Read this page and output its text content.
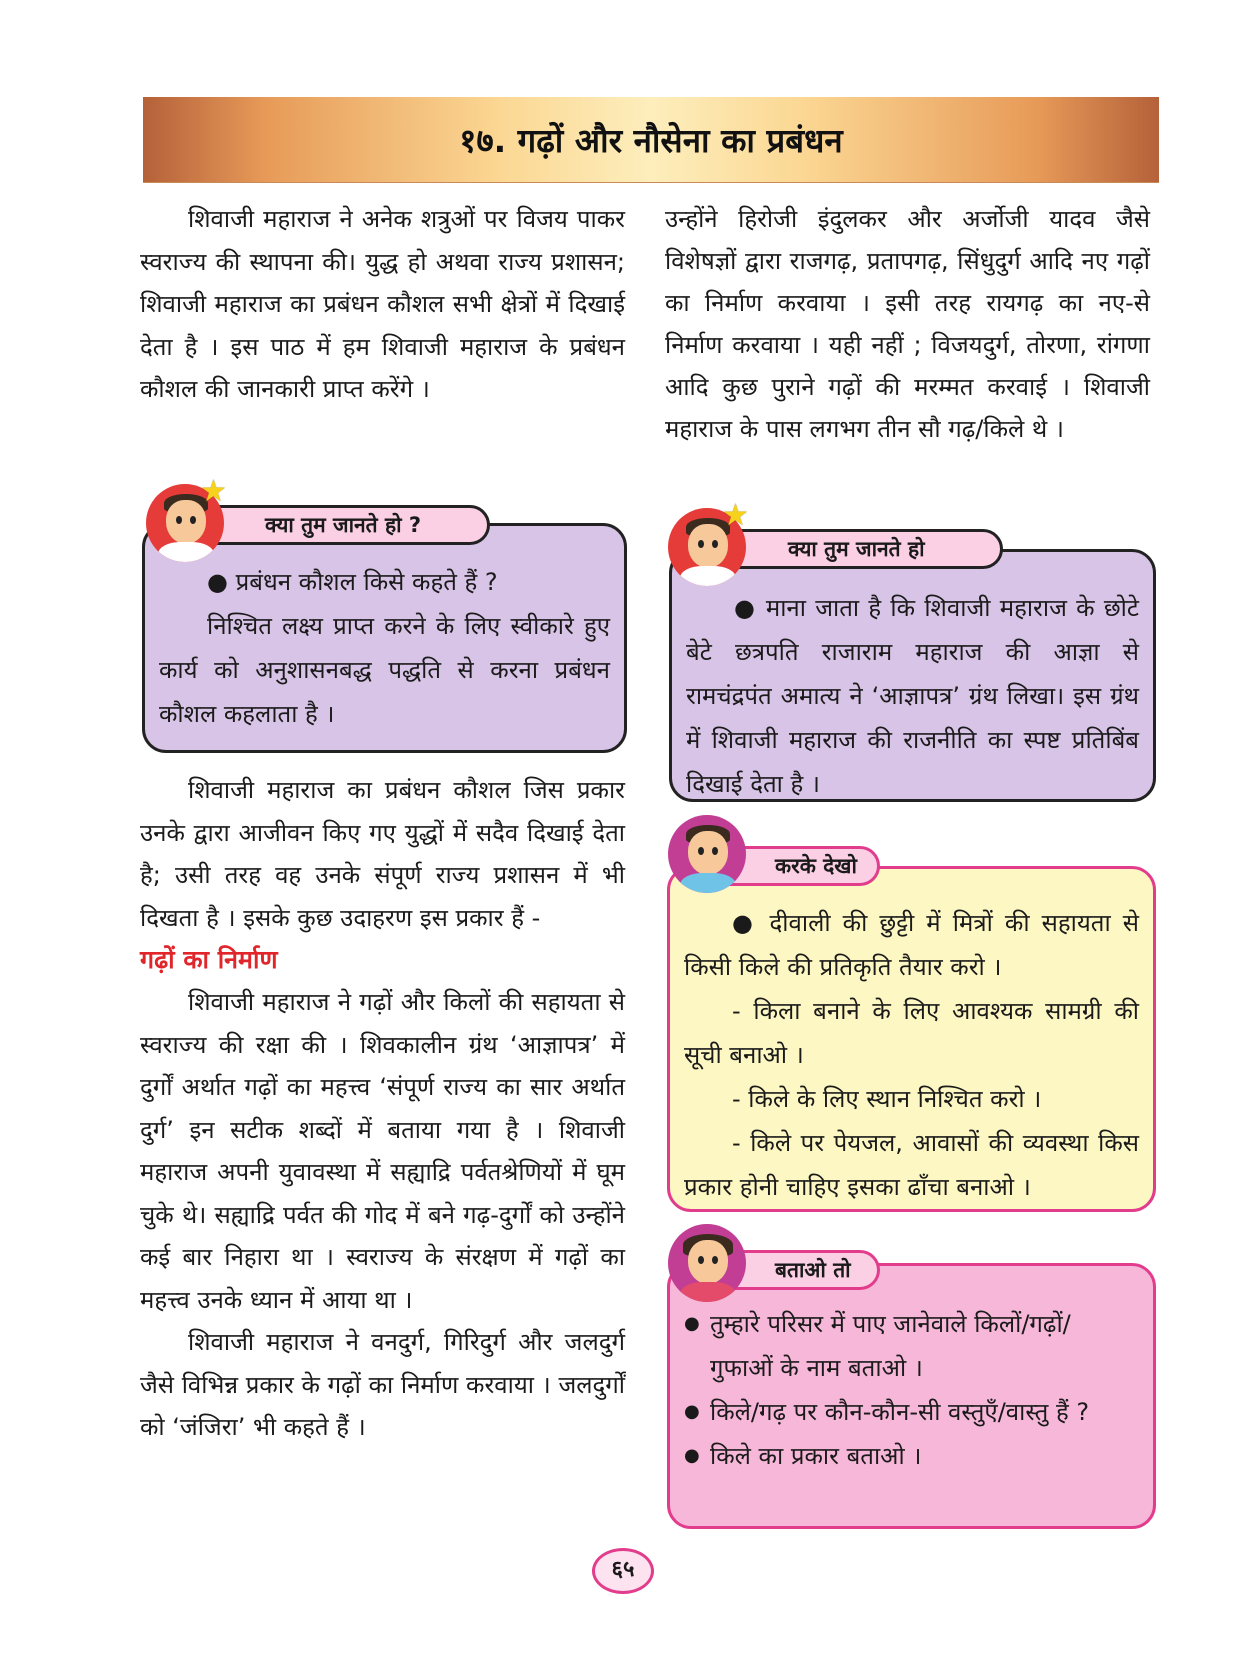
१७. गढ़ों और नौसेना का प्रबंधन

शिवाजी महाराज ने अनेक शत्रुओं पर विजय पाकर स्वराज्य की स्थापना की। युद्ध हो अथवा राज्य प्रशासन; शिवाजी महाराज का प्रबंधन कौशल सभी क्षेत्रों में दिखाई देता है । इस पाठ में हम शिवाजी महाराज के प्रबंधन कौशल की जानकारी प्राप्त करेंगे ।

● प्रबंधन कौशल किसे कहते हैं ?

निश्चित लक्ष्य प्राप्त करने के लिए स्वीकारे हुए कार्य को अनुशासनबद्ध पद्धति से करना प्रबंधन कौशल कहलाता है ।

क्या तुम जानते हो ?
★

शिवाजी महाराज का प्रबंधन कौशल जिस प्रकार उनके द्वारा आजीवन किए गए युद्धों में सदैव दिखाई देता है; उसी तरह वह उनके संपूर्ण राज्य प्रशासन में भी दिखता है । इसके कुछ उदाहरण इस प्रकार हैं -

गढ़ों का निर्माण

शिवाजी महाराज ने गढ़ों और किलों की सहायता से स्वराज्य की रक्षा की । शिवकालीन ग्रंथ ‘आज्ञापत्र’ में दुर्गों अर्थात गढ़ों का महत्त्व ‘संपूर्ण राज्य का सार अर्थात दुर्ग’ इन सटीक शब्दों में बताया गया है । शिवाजी महाराज अपनी युवावस्था में सह्याद्रि पर्वतश्रेणियों में घूम चुके थे। सह्याद्रि पर्वत की गोद में बने गढ़-दुर्गों को उन्होंने कई बार निहारा था । स्वराज्य के संरक्षण में गढ़ों का महत्त्व उनके ध्यान में आया था ।

शिवाजी महाराज ने वनदुर्ग, गिरिदुर्ग और जलदुर्ग जैसे विभिन्न प्रकार के गढ़ों का निर्माण करवाया । जलदुर्गों को ‘जंजिरा’ भी कहते हैं ।

उन्होंने हिरोजी इंदुलकर और अर्जोजी यादव जैसे विशेषज्ञों द्वारा राजगढ़, प्रतापगढ़, सिंधुदुर्ग आदि नए गढ़ों का निर्माण करवाया । इसी तरह रायगढ़ का नए-से निर्माण करवाया । यही नहीं ; विजयदुर्ग, तोरणा, रांगणा आदि कुछ पुराने गढ़ों की मरम्मत करवाई । शिवाजी महाराज के पास लगभग तीन सौ गढ़/किले थे ।

● माना जाता है कि शिवाजी महाराज के छोटे बेटे छत्रपति राजाराम महाराज की आज्ञा से रामचंद्रपंत अमात्य ने ‘आज्ञापत्र’ ग्रंथ लिखा। इस ग्रंथ में शिवाजी महाराज की राजनीति का स्पष्ट प्रतिबिंब दिखाई देता है ।

क्या तुम जानते हो
★

● दीवाली की छुट्टी में मित्रों की सहायता से किसी किले की प्रतिकृति तैयार करो ।

- किला बनाने के लिए आवश्यक सामग्री की सूची बनाओ ।

- किले के लिए स्थान निश्चित करो ।

- किले पर पेयजल, आवासों की व्यवस्था किस प्रकार होनी चाहिए इसका ढाँचा बनाओ ।

करके देखो
● तुम्हारे परिसर में पाए जानेवाले किलों/गढ़ों/ गुफाओं के नाम बताओ ।
● किले/गढ़ पर कौन-कौन-सी वस्तुएँ/वास्तु हैं ?
● किले का प्रकार बताओ ।
बताओ तो
६५
